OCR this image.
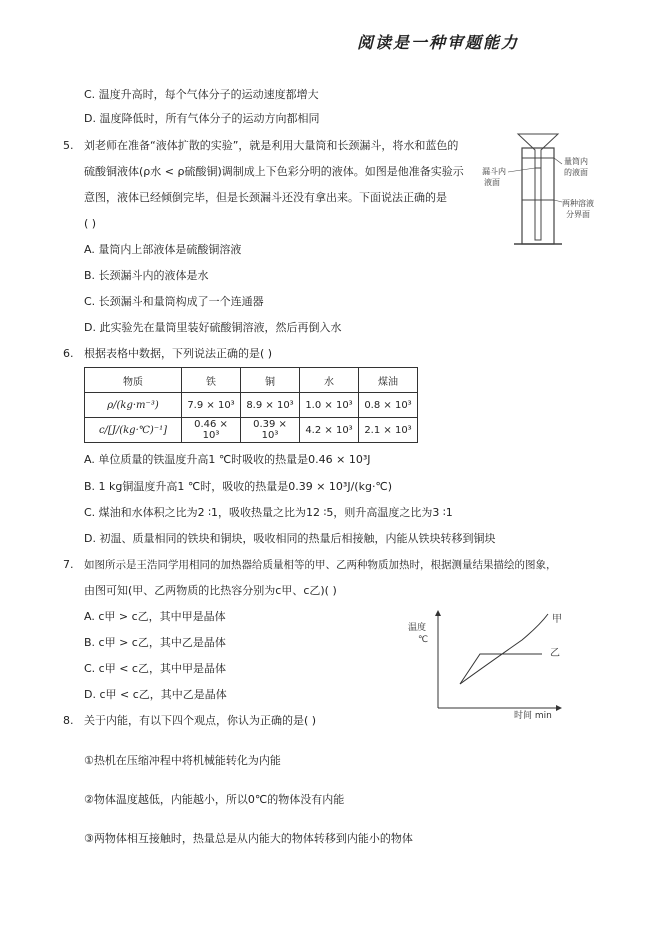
阅读是一种审题能力
C. 温度升高时，每个气体分子的运动速度都增大
D. 温度降低时，所有气体分子的运动方向都相同
5. 刘老师在准备“液体扩散的实验”，就是利用大量筒和长颈漏斗，将水和蓝色的
硫酸铜液体(ρ水 < ρ硫酸铜)调制成上下色彩分明的液体。如图是他准备实验示
意图，液体已经倾倒完毕，但是长颈漏斗还没有拿出来。下面说法正确的是
( )
A. 量筒内上部液体是硫酸铜溶液
B. 长颈漏斗内的液体是水
C. 长颈漏斗和量筒构成了一个连通器
D. 此实验先在量筒里装好硫酸铜溶液，然后再倒入水
漏斗内
液面
量筒内
的液面
两种溶液
分界面
6. 根据表格中数据，下列说法正确的是( )
物质	铁	铜	水	煤油
ρ/(kg·m⁻³)	7.9 × 10³	8.9 × 10³	1.0 × 10³	0.8 × 10³
c/[J/(kg·℃)⁻¹]	0.46 × 10³	0.39 × 10³	4.2 × 10³	2.1 × 10³
A. 单位质量的铁温度升高1 ℃时吸收的热量是0.46 × 10³J
B. 1 kg铜温度升高1 ℃时，吸收的热量是0.39 × 10³J/(kg·℃)
C. 煤油和水体积之比为2 ∶1，吸收热量之比为12 ∶5，则升高温度之比为3 ∶1
D. 初温、质量相同的铁块和铜块，吸收相同的热量后相接触，内能从铁块转移到铜块
7. 如图所示是王浩同学用相同的加热器给质量相等的甲、乙两种物质加热时，根据测量结果描绘的图象，
由图可知(甲、乙两物质的比热容分别为c甲、c乙)( )
A. c甲 > c乙，其中甲是晶体
B. c甲 > c乙，其中乙是晶体
C. c甲 < c乙，其中甲是晶体
D. c甲 < c乙，其中乙是晶体
温度
℃
时间 min
甲
乙
8. 关于内能，有以下四个观点，你认为正确的是( )
①热机在压缩冲程中将机械能转化为内能
②物体温度越低，内能越小，所以0℃的物体没有内能
③两物体相互接触时，热量总是从内能大的物体转移到内能小的物体
